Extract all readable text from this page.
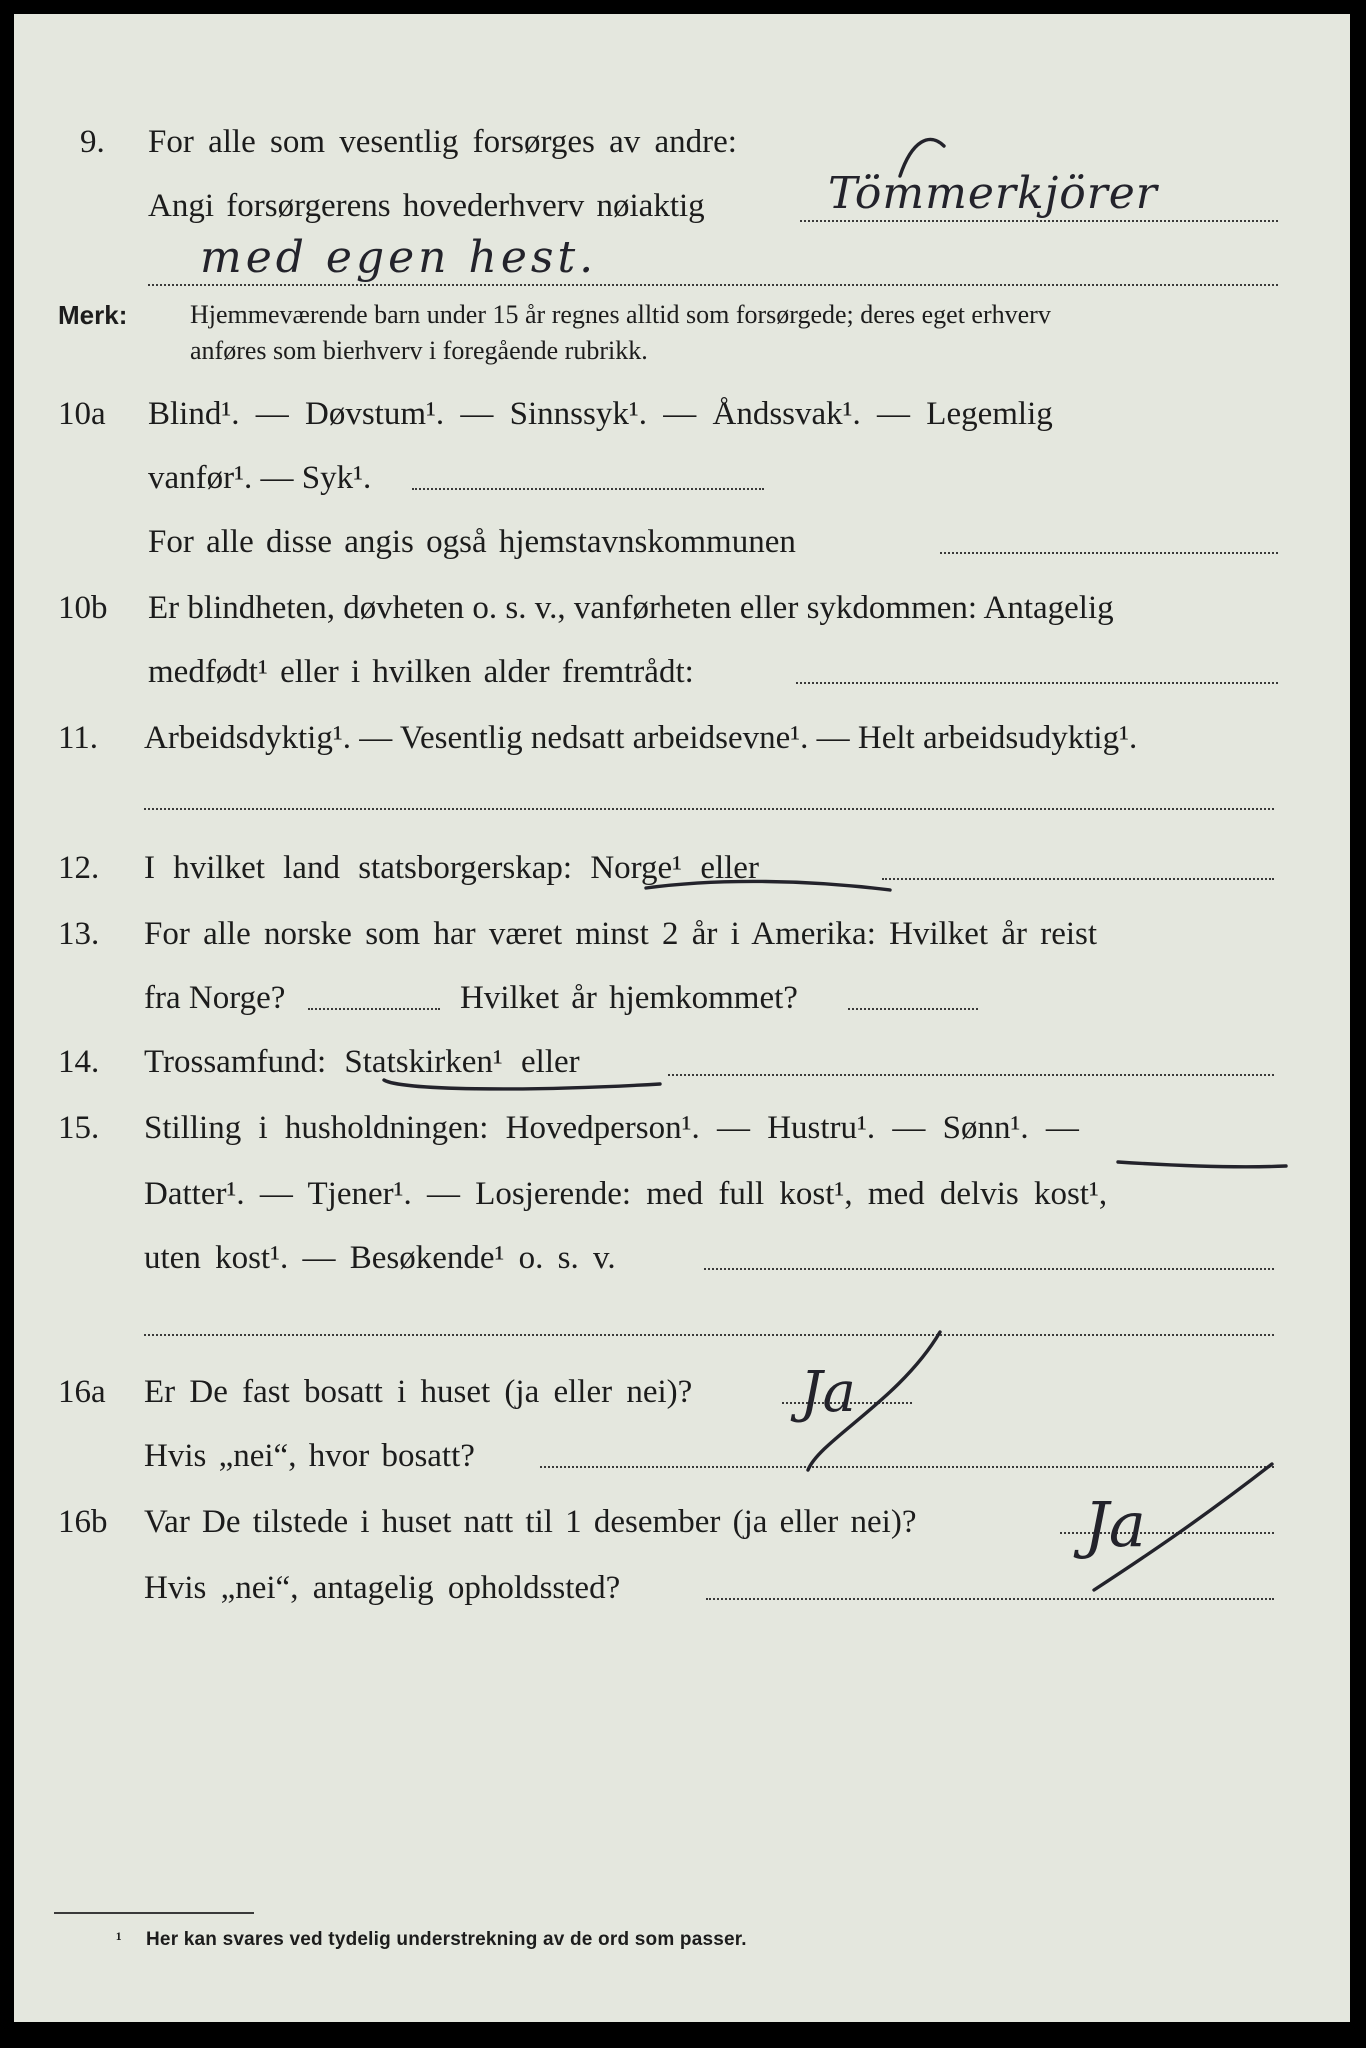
9. For alle som vesentlig forsørges av andre:
Angi forsørgerens hovederhverv nøiaktig	Tömmerkjörer
med egen hest.
Merk: Hjemmeværende barn under 15 år regnes alltid som forsørgede; deres eget erhverv
anføres som bierhverv i foregående rubrikk.
10a Blind¹. — Døvstum¹. — Sinnssyk¹. — Åndssvak¹. — Legemlig
vanfør¹. — Syk¹.
For alle disse angis også hjemstavnskommunen
10b Er blindheten, døvheten o. s. v., vanførheten eller sykdommen: Antagelig
medfødt¹ eller i hvilken alder fremtrådt:
11. Arbeidsdyktig¹. — Vesentlig nedsatt arbeidsevne¹. — Helt arbeidsudyktig¹.
12. I hvilket land statsborgerskap: Norge¹ eller
13. For alle norske som har været minst 2 år i Amerika: Hvilket år reist
fra Norge?	Hvilket år hjemkommet?
14. Trossamfund: Statskirken¹ eller
15. Stilling i husholdningen: Hovedperson¹. — Hustru¹. — Sønn¹. —
Datter¹. — Tjener¹. — Losjerende: med full kost¹, med delvis kost¹,
uten kost¹. — Besøkende¹ o. s. v.
16a Er De fast bosatt i huset (ja eller nei)?
Hvis „nei“, hvor bosatt?
Ja
16b Var De tilstede i huset natt til 1 desember (ja eller nei)?
Hvis „nei“, antagelig opholdssted?
Ja
¹ Her kan svares ved tydelig understrekning av de ord som passer.
